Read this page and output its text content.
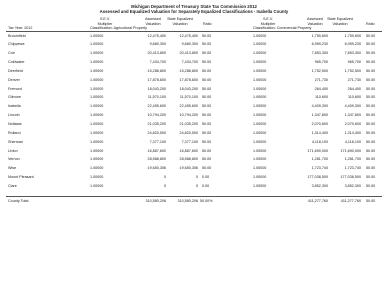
Michigan Department of Treasury State Tax Commission 2012
Assessed and Equalized Valuation for Separately Equalized Classifications - Isabella County
S.E.V.
Multiplier
Assessed
Valuation
State Equalized
Valuation	Ratio
Classification: Agricultural Property
Tax Year: 2012
S.E.V.
Multiplier
Assessed
Valuation
State Equalized
Valuation	Ratio
Classification: Commercial Property
Broomfield	1.00000	12,475,400	12,475,400 50.00	1.00000	1,759,600	1,759,600 50.00
Chippewa	1.00000	9,680,300	9,680,300 50.00	1.00000	6,959,230	6,959,230 50.00
Coe	1.00000	20,413,800	20,413,800 50.00	1.00000	7,853,300	7,853,300 50.00
Coldwater	1.00000	7,434,700	7,434,700 50.00	1.00000	965,700	965,700 50.00
Deerfield	1.00000	15,288,800	15,288,800 50.00	1.00000	1,752,500	1,752,500 50.00
Denver	1.00000	17,878,600	17,878,600 50.00	1.00000	271,730	271,730 50.00
Fremont	1.00000	18,043,200	18,043,200 50.00	1.00000	264,400	264,400 50.00
Gilmore	1.00000	11,570,100	11,570,100 50.00	1.00000	110,600	110,600 50.00
Isabella	1.00000	22,455,600	22,455,600 50.00	1.00000	4,409,300	4,409,300 50.00
Lincoln	1.00000	10,794,200	10,794,200 50.00	1.00000	1,347,800	1,347,800 50.00
Nottawa	1.00000	21,035,200	21,035,200 50.00	1.00000	2,070,600	2,070,600 50.00
Rolland	1.00000	24,820,500	24,820,500 50.00	1.00000	1,314,400	1,314,400 50.00
Sherman	1.00000	7,377,100	7,377,100 50.00	1.00000	4,118,100	4,118,100 50.00
Union	1.00000	16,867,600	16,867,600 50.00	1.00000	171,690,000	171,690,000 50.00
Vernon	1.00000	28,588,800	28,588,800 50.00	1.00000	1,281,700	1,281,700 50.00
Wise	1.00000	19,650,306	19,650,306 50.00	1.00000	1,723,740	1,723,740 50.00
Mount Pleasant	1.00000	0	0 0.00	1.00000	177,038,500	177,038,500 50.00
Clare	1.00000	0	0 0.00	1.00000	3,852,300	3,852,300 50.00
County Total	310,580,206	310,580,206 50.00%	411,277,760	411,277,760 50.00
